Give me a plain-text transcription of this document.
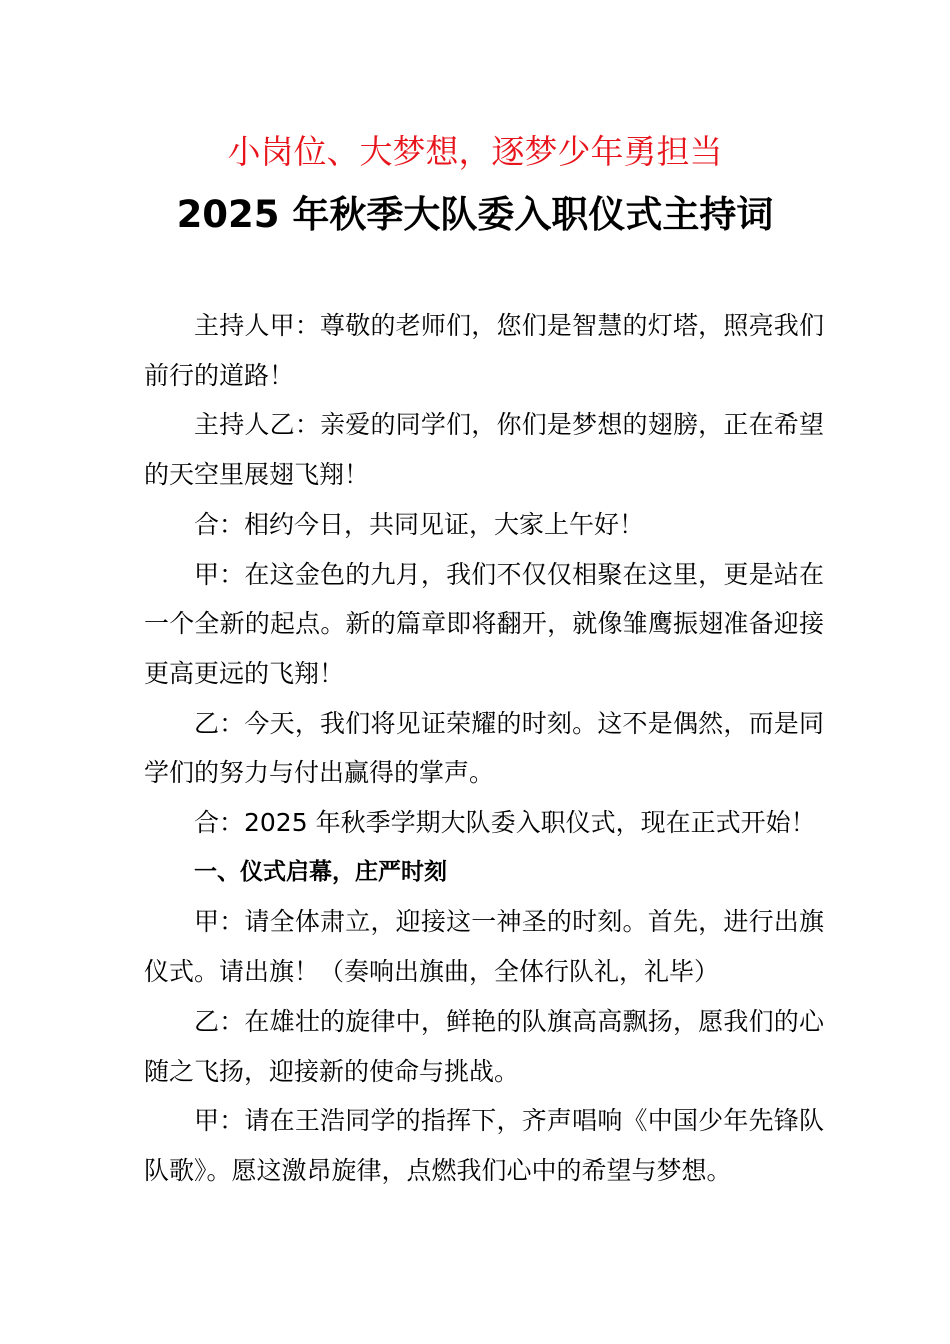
小岗位、大梦想，逐梦少年勇担当
2025 年秋季大队委入职仪式主持词

主持人甲：尊敬的老师们，您们是智慧的灯塔，照亮我们前行的道路！

主持人乙：亲爱的同学们，你们是梦想的翅膀，正在希望的天空里展翅飞翔！

合：相约今日，共同见证，大家上午好！

甲：在这金色的九月，我们不仅仅相聚在这里，更是站在一个全新的起点。新的篇章即将翻开，就像雏鹰振翅准备迎接更高更远的飞翔！

乙：今天，我们将见证荣耀的时刻。这不是偶然，而是同学们的努力与付出赢得的掌声。

合：2025 年秋季学期大队委入职仪式，现在正式开始！

一、仪式启幕，庄严时刻

甲：请全体肃立，迎接这一神圣的时刻。首先，进行出旗仪式。请出旗！（奏响出旗曲，全体行队礼，礼毕）

乙：在雄壮的旋律中，鲜艳的队旗高高飘扬，愿我们的心随之飞扬，迎接新的使命与挑战。

甲：请在王浩同学的指挥下，齐声唱响《中国少年先锋队队歌》。愿这激昂旋律，点燃我们心中的希望与梦想。
